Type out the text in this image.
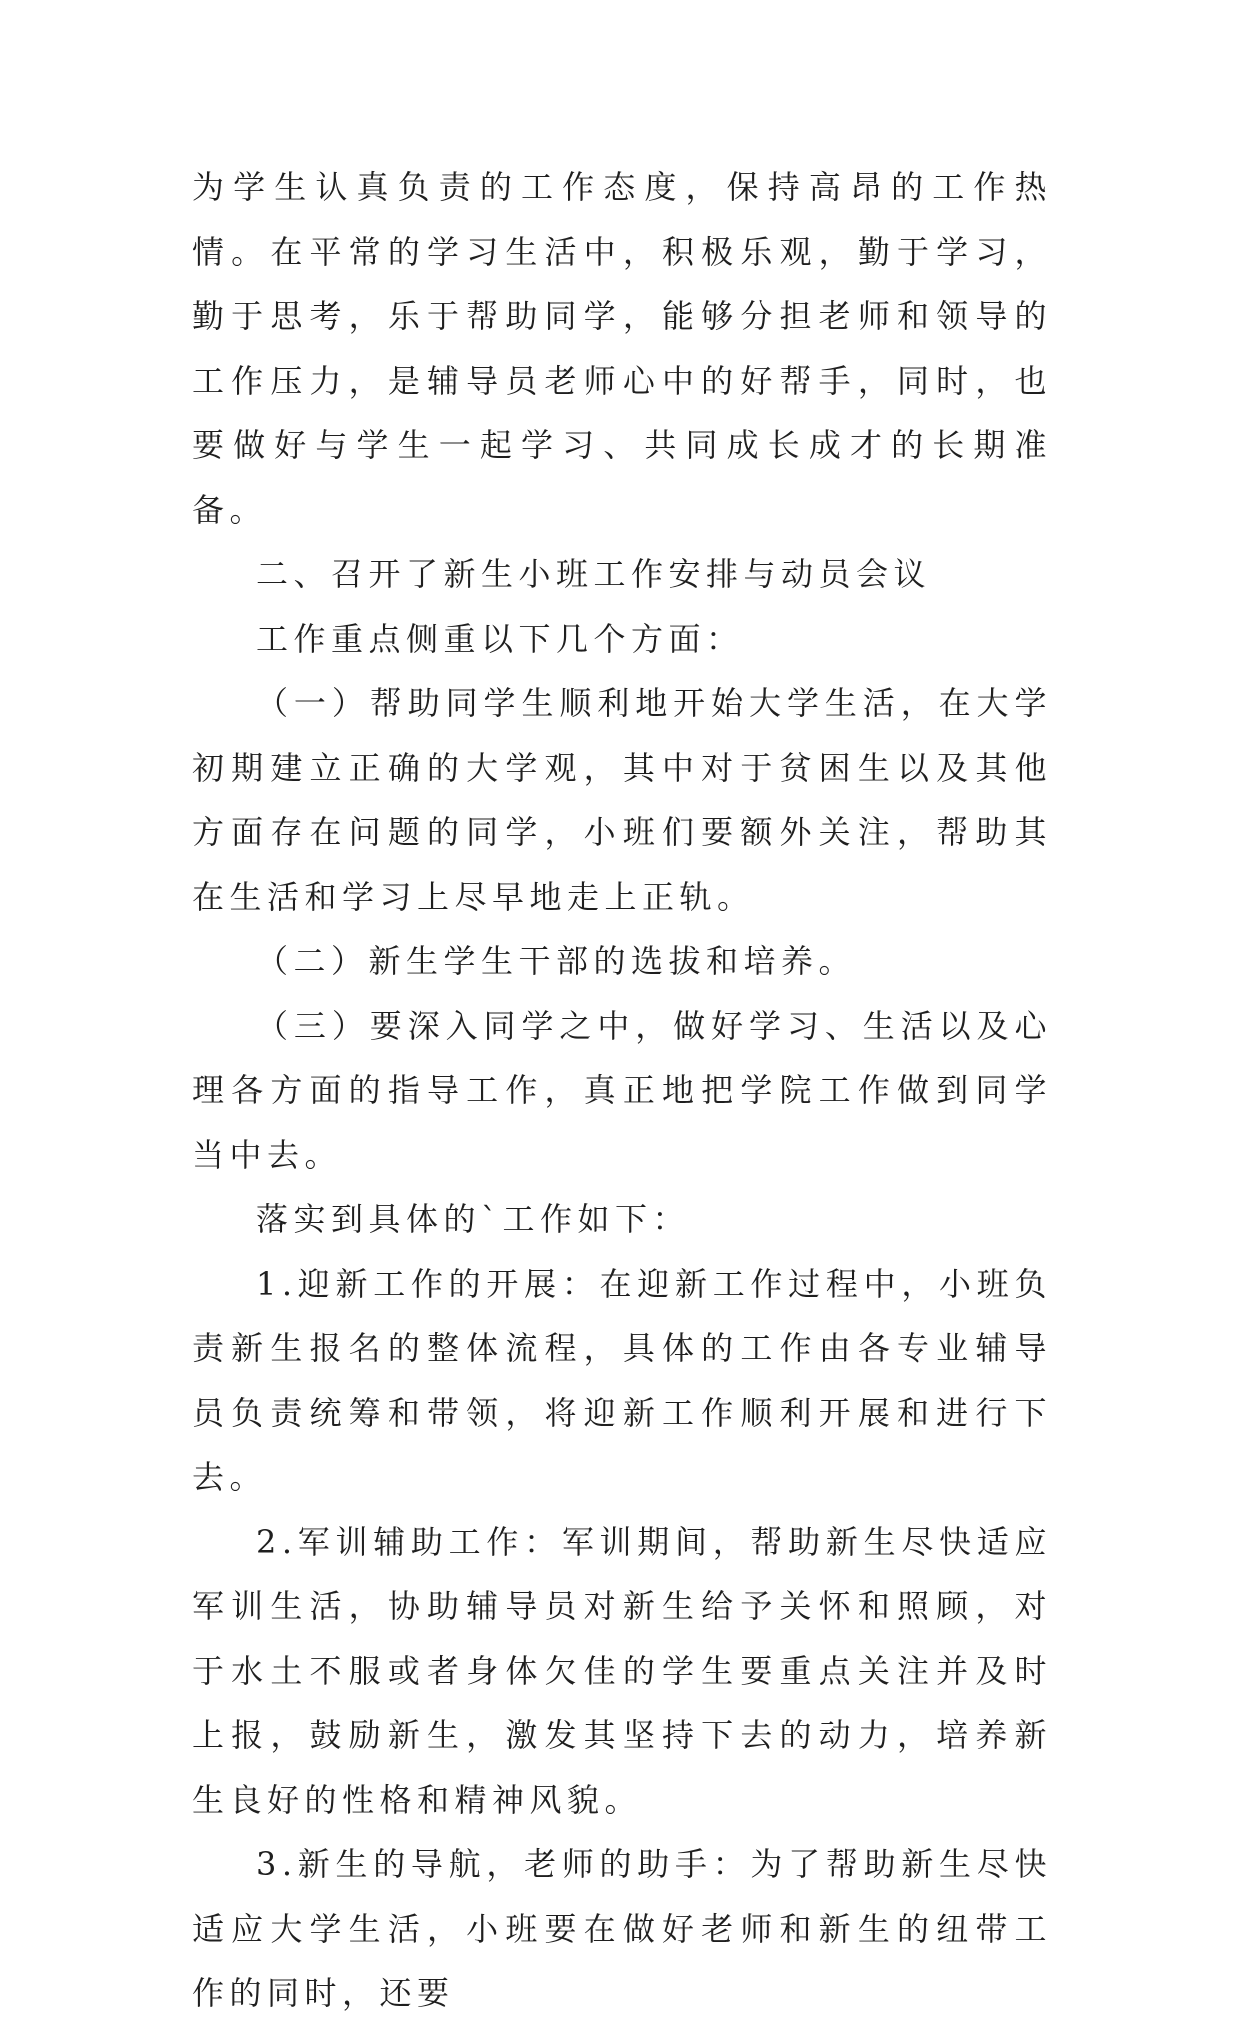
为学生认真负责的工作态度，保持高昂的工作热情。在平常的学习生活中，积极乐观，勤于学习，勤于思考，乐于帮助同学，能够分担老师和领导的工作压力，是辅导员老师心中的好帮手，同时，也要做好与学生一起学习、共同成长成才的长期准备。

二、召开了新生小班工作安排与动员会议

工作重点侧重以下几个方面：

（一）帮助同学生顺利地开始大学生活，在大学初期建立正确的大学观，其中对于贫困生以及其他方面存在问题的同学，小班们要额外关注，帮助其在生活和学习上尽早地走上正轨。

（二）新生学生干部的选拔和培养。

（三）要深入同学之中，做好学习、生活以及心理各方面的指导工作，真正地把学院工作做到同学当中去。

落实到具体的`工作如下：

1.迎新工作的开展：在迎新工作过程中，小班负责新生报名的整体流程，具体的工作由各专业辅导员负责统筹和带领，将迎新工作顺利开展和进行下去。

2.军训辅助工作：军训期间，帮助新生尽快适应军训生活，协助辅导员对新生给予关怀和照顾，对于水土不服或者身体欠佳的学生要重点关注并及时上报，鼓励新生，激发其坚持下去的动力，培养新生良好的性格和精神风貌。

3.新生的导航，老师的助手：为了帮助新生尽快适应大学生活，小班要在做好老师和新生的纽带工作的同时，还要
